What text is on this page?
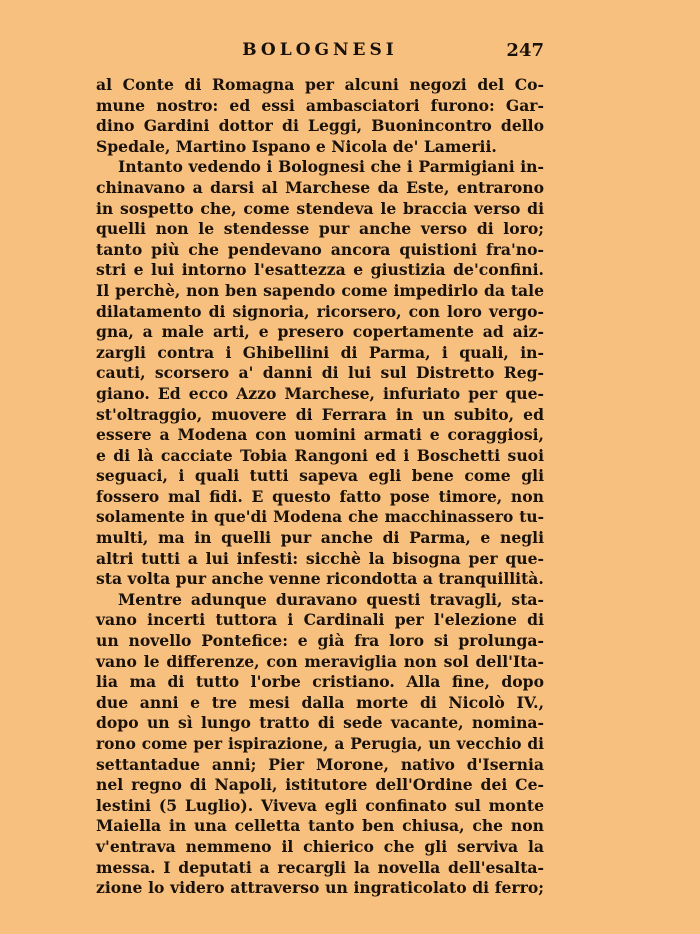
BOLOGNESI	247
al Conte di Romagna per alcuni negozi del Co-
mune nostro: ed essi ambasciatori furono: Gar-
dino Gardini dottor di Leggi, Buonincontro dello
Spedale, Martino Ispano e Nicola de' Lamerii.
Intanto vedendo i Bolognesi che i Parmigiani in-
chinavano a darsi al Marchese da Este, entrarono
in sospetto che, come stendeva le braccia verso di
quelli non le stendesse pur anche verso di loro;
tanto più che pendevano ancora quistioni fra'no-
stri e lui intorno l'esattezza e giustizia de'confini.
Il perchè, non ben sapendo come impedirlo da tale
dilatamento di signoria, ricorsero, con loro vergo-
gna, a male arti, e presero copertamente ad aiz-
zargli contra i Ghibellini di Parma, i quali, in-
cauti, scorsero a' danni di lui sul Distretto Reg-
giano. Ed ecco Azzo Marchese, infuriato per que-
st'oltraggio, muovere di Ferrara in un subito, ed
essere a Modena con uomini armati e coraggiosi,
e di là cacciate Tobia Rangoni ed i Boschetti suoi
seguaci, i quali tutti sapeva egli bene come gli
fossero mal fidi. E questo fatto pose timore, non
solamente in que'di Modena che macchinassero tu-
multi, ma in quelli pur anche di Parma, e negli
altri tutti a lui infesti: sicchè la bisogna per que-
sta volta pur anche venne ricondotta a tranquillità.
Mentre adunque duravano questi travagli, sta-
vano incerti tuttora i Cardinali per l'elezione di
un novello Pontefice: e già fra loro si prolunga-
vano le differenze, con meraviglia non sol dell'Ita-
lia ma di tutto l'orbe cristiano. Alla fine, dopo
due anni e tre mesi dalla morte di Nicolò IV.,
dopo un sì lungo tratto di sede vacante, nomina-
rono come per ispirazione, a Perugia, un vecchio di
settantadue anni; Pier Morone, nativo d'Isernia
nel regno di Napoli, istitutore dell'Ordine dei Ce-
lestini (5 Luglio). Viveva egli confinato sul monte
Maiella in una celletta tanto ben chiusa, che non
v'entrava nemmeno il chierico che gli serviva la
messa. I deputati a recargli la novella dell'esalta-
zione lo videro attraverso un ingraticolato di ferro;
